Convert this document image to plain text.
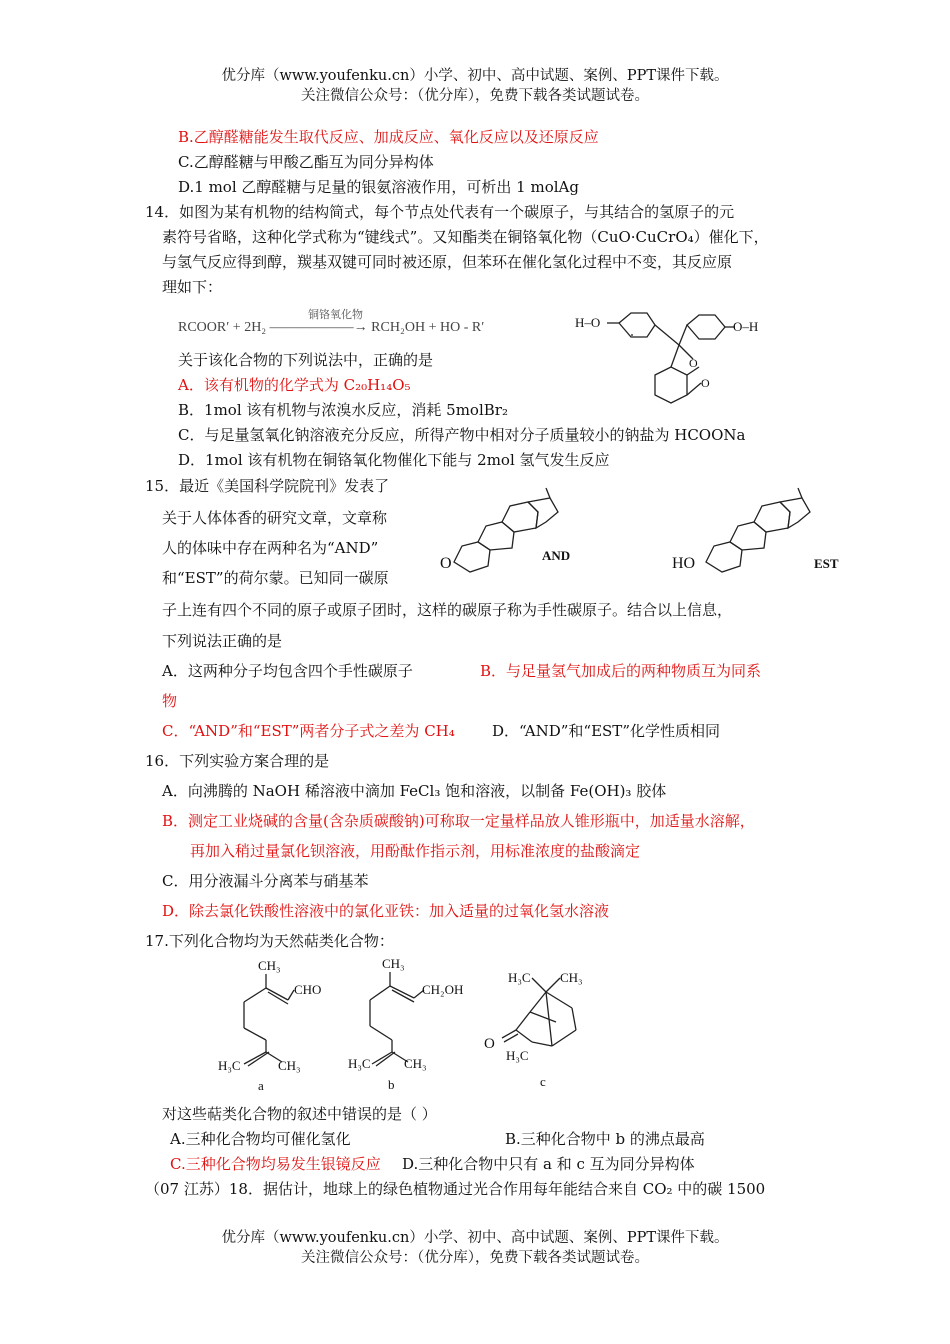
优分库（www.youfenku.cn）小学、初中、高中试题、案例、PPT课件下载。
关注微信公众号：（优分库），免费下载各类试题试卷。
B.乙醇醛糖能发生取代反应、加成反应、氧化反应以及还原反应
C.乙醇醛糖与甲酸乙酯互为同分异构体
D.1 mol 乙醇醛糖与足量的银氨溶液作用，可析出 1 molAg
14．如图为某有机物的结构简式，每个节点处代表有一个碳原子，与其结合的氢原子的元
素符号省略，这种化学式称为“键线式”。又知酯类在铜铬氧化物（CuO·CuCrO₄）催化下，
与氢气反应得到醇，羰基双键可同时被还原，但苯环在催化氢化过程中不变，其反应原
理如下：
铜铬氧化物
RCOOR′ + 2H₂ ——————→ RCH₂OH + HO - R′	H–O	O–H
O
O
关于该化合物的下列说法中，正确的是
A．该有机物的化学式为 C₂₀H₁₄O₅
B．1mol 该有机物与浓溴水反应，消耗 5molBr₂
C．与足量氢氧化钠溶液充分反应，所得产物中相对分子质量较小的钠盐为 HCOONa
D．1mol 该有机物在铜铬氧化物催化下能与 2mol 氢气发生反应
15．最近《美国科学院院刊》发表了
关于人体体香的研究文章，文章称
人的体味中存在两种名为“AND”
和“EST”的荷尔蒙。已知同一碳原
O	AND	HO	EST
子上连有四个不同的原子或原子团时，这样的碳原子称为手性碳原子。结合以上信息，
下列说法正确的是
A．这两种分子均包含四个手性碳原子	B．与足量氢气加成后的两种物质互为同系
物
C．“AND”和“EST”两者分子式之差为 CH₄ D．“AND”和“EST”化学性质相同
16．下列实验方案合理的是
A．向沸腾的 NaOH 稀溶液中滴加 FeCl₃ 饱和溶液，以制备 Fe(OH)₃ 胶体
B．测定工业烧碱的含量(含杂质碳酸钠)可称取一定量样品放人锥形瓶中，加适量水溶解，
再加入稍过量氯化钡溶液，用酚酞作指示剂，用标准浓度的盐酸滴定
C．用分液漏斗分离苯与硝基苯
D．除去氯化铁酸性溶液中的氯化亚铁：加入适量的过氧化氢水溶液
17.下列化合物均为天然萜类化合物：
CH₃
CHO
H₃C	CH₃
a
CH₃
CH₂OH
H₃C	CH₃
b
H₃C CH₃
O
H₃C
c
对这些萜类化合物的叙述中错误的是（ ）
A.三种化合物均可催化氢化	B.三种化合物中 b 的沸点最高
C.三种化合物均易发生银镜反应 D.三种化合物中只有 a 和 c 互为同分异构体
（07 江苏）18．据估计，地球上的绿色植物通过光合作用每年能结合来自 CO₂ 中的碳 1500
优分库（www.youfenku.cn）小学、初中、高中试题、案例、PPT课件下载。
关注微信公众号：（优分库），免费下载各类试题试卷。
